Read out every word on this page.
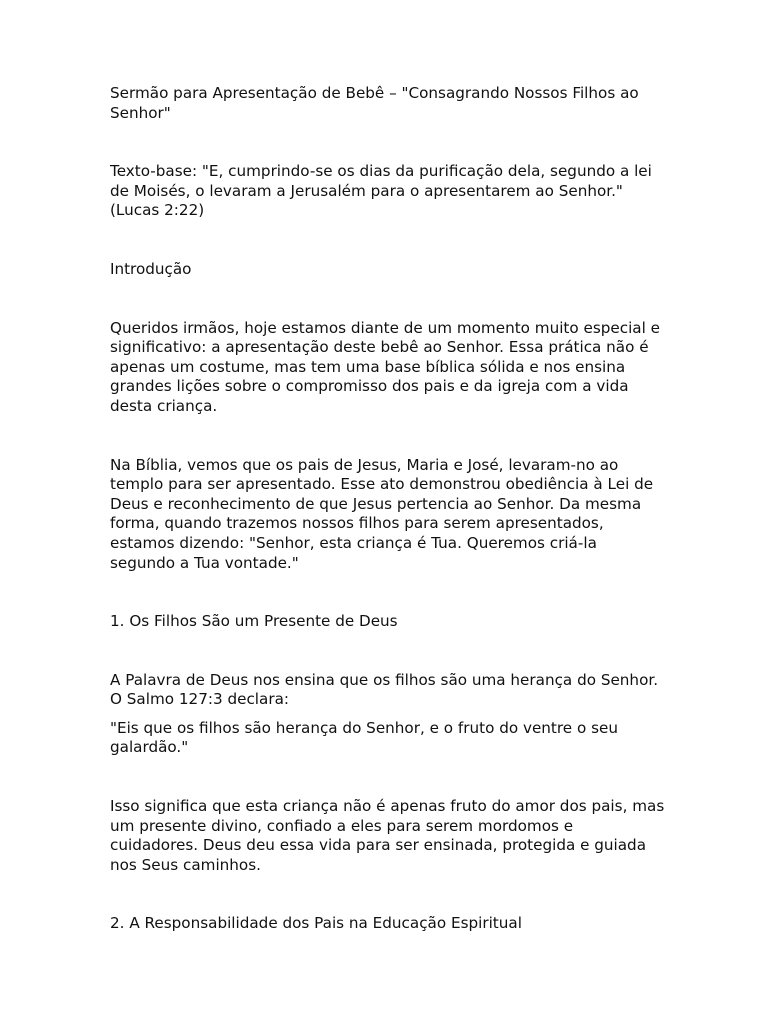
Sermão para Apresentação de Bebê – "Consagrando Nossos Filhos ao Senhor"

Texto-base: "E, cumprindo-se os dias da purificação dela, segundo a lei de Moisés, o levaram a Jerusalém para o apresentarem ao Senhor." (Lucas 2:22)

Introdução

Queridos irmãos, hoje estamos diante de um momento muito especial e significativo: a apresentação deste bebê ao Senhor. Essa prática não é apenas um costume, mas tem uma base bíblica sólida e nos ensina grandes lições sobre o compromisso dos pais e da igreja com a vida desta criança.

Na Bíblia, vemos que os pais de Jesus, Maria e José, levaram-no ao templo para ser apresentado. Esse ato demonstrou obediência à Lei de Deus e reconhecimento de que Jesus pertencia ao Senhor. Da mesma forma, quando trazemos nossos filhos para serem apresentados, estamos dizendo: "Senhor, esta criança é Tua. Queremos criá-la segundo a Tua vontade."

1. Os Filhos São um Presente de Deus

A Palavra de Deus nos ensina que os filhos são uma herança do Senhor. O Salmo 127:3 declara:

"Eis que os filhos são herança do Senhor, e o fruto do ventre o seu galardão."

Isso significa que esta criança não é apenas fruto do amor dos pais, mas um presente divino, confiado a eles para serem mordomos e cuidadores. Deus deu essa vida para ser ensinada, protegida e guiada nos Seus caminhos.

2. A Responsabilidade dos Pais na Educação Espiritual
